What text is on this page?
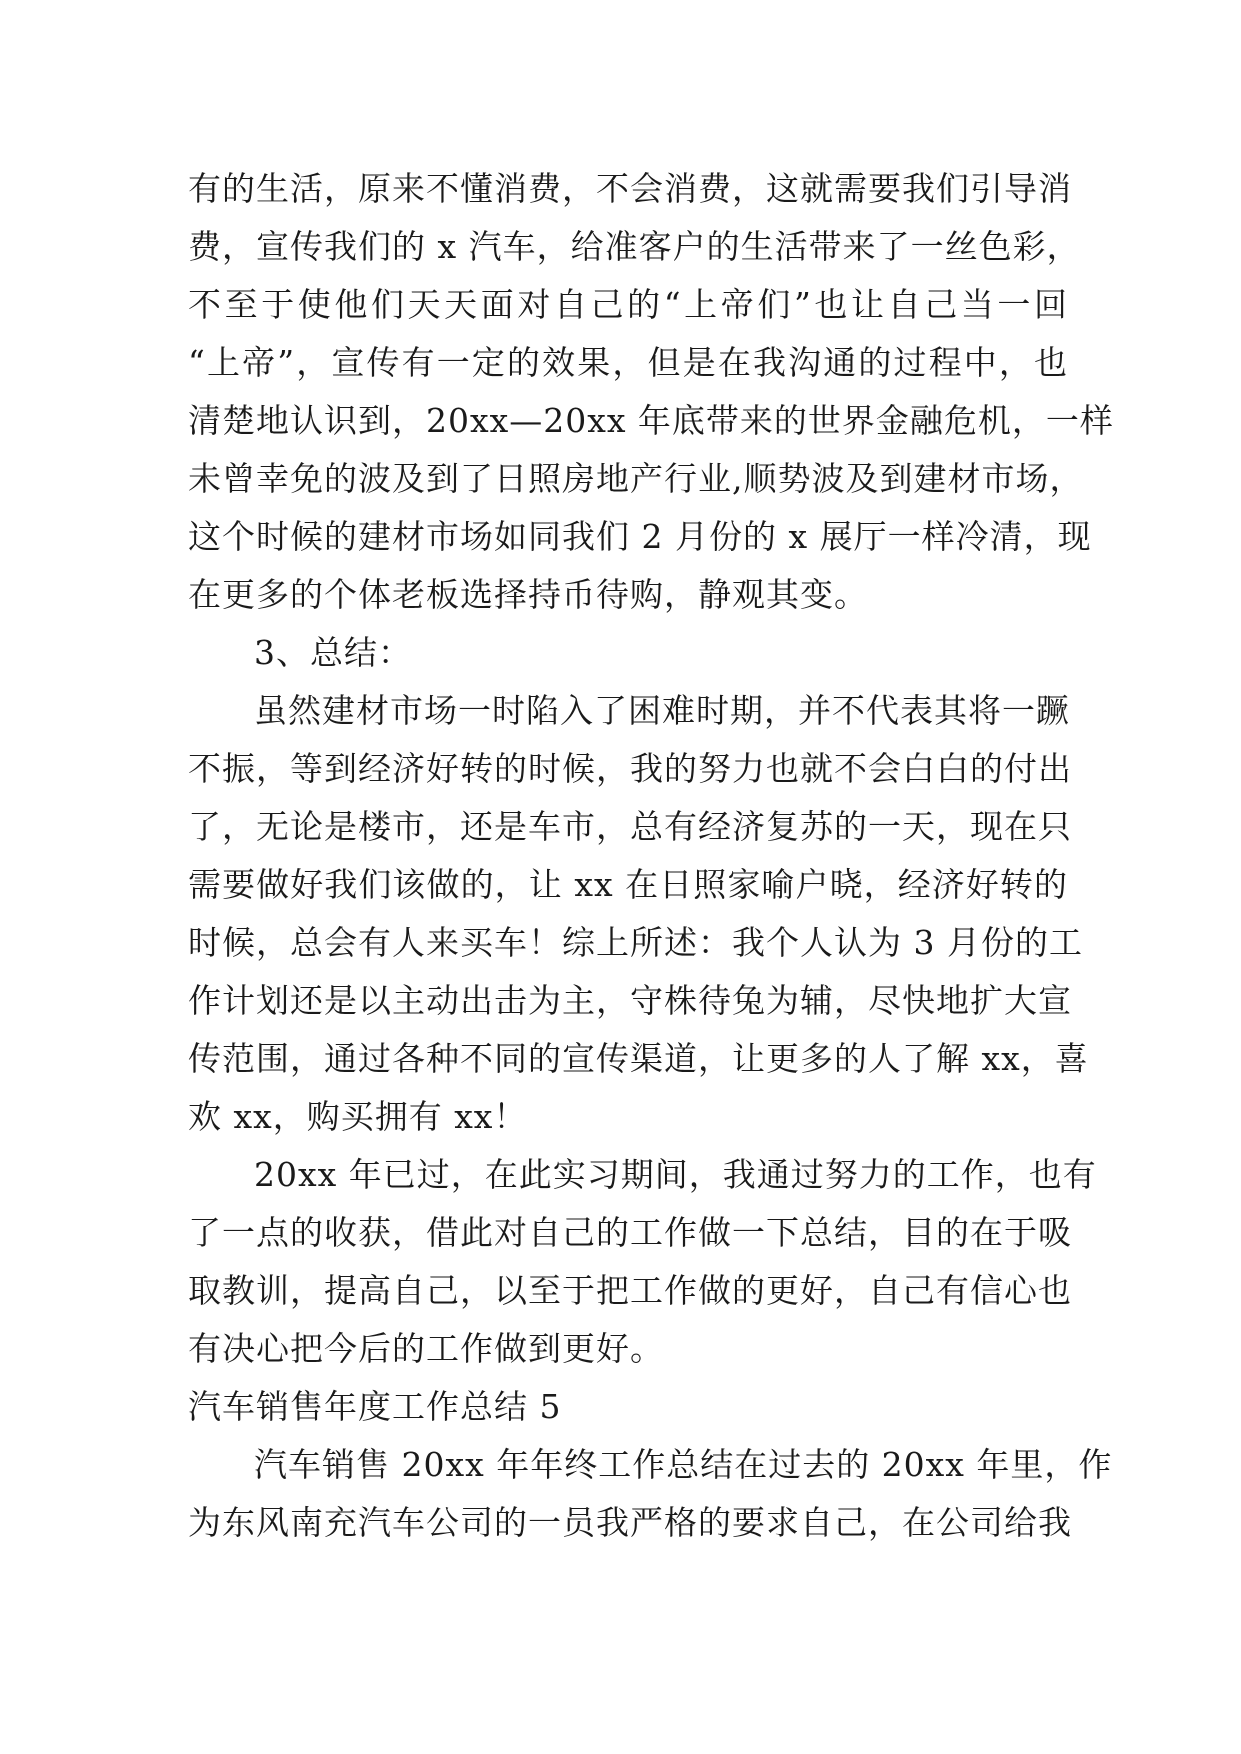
有的生活，原来不懂消费，不会消费，这就需要我们引导消
费，宣传我们的 x 汽车，给准客户的生活带来了一丝色彩，
不至于使他们天天面对自己的“上帝们”也让自己当一回
“上帝”，宣传有一定的效果，但是在我沟通的过程中，也
清楚地认识到，20xx—20xx 年底带来的世界金融危机，一样
未曾幸免的波及到了日照房地产行业,顺势波及到建材市场，
这个时候的建材市场如同我们 2 月份的 x 展厅一样冷清，现
在更多的个体老板选择持币待购，静观其变。
3、总结：
虽然建材市场一时陷入了困难时期，并不代表其将一蹶
不振，等到经济好转的时候，我的努力也就不会白白的付出
了，无论是楼市，还是车市，总有经济复苏的一天，现在只
需要做好我们该做的，让 xx 在日照家喻户晓，经济好转的
时候，总会有人来买车！综上所述：我个人认为 3 月份的工
作计划还是以主动出击为主，守株待兔为辅，尽快地扩大宣
传范围，通过各种不同的宣传渠道，让更多的人了解 xx，喜
欢 xx，购买拥有 xx！
20xx 年已过，在此实习期间，我通过努力的工作，也有
了一点的收获，借此对自己的工作做一下总结，目的在于吸
取教训，提高自己，以至于把工作做的更好，自己有信心也
有决心把今后的工作做到更好。
汽车销售年度工作总结 5
汽车销售 20xx 年年终工作总结在过去的 20xx 年里，作
为东风南充汽车公司的一员我严格的要求自己，在公司给我
